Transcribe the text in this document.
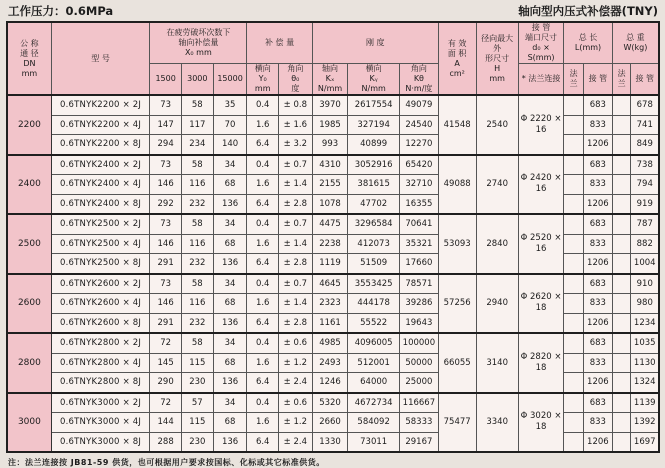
工作压力：0.6MPa	轴向型内压式补偿器(TNY)
公 称
通 径
DN
mm	型 号	在疲劳破坏次数下
轴向补偿量
X₀ mm			补 偿 量		刚 度			有 效
面 积
A
cm²	径向最大外
形尺寸
H
mm	接 管
端口尺寸
d₀ × S(mm)	总 长
L(mm)		总 重
W(kg)	
		1500	3000	15000	横向
Y₀
mm	角向
θ₀
度	轴向
Kₓ
N/mm	横向
Kᵧ
N/mm	角向
Kθ
N·m/度			* 法兰连接	法 兰	接 管	法 兰	接 管
2200	0.6TNYK2200 × 2J	73	58	35	0.4	± 0.8	3970	2617554	49079	41548	2540	Φ 2220 × 16		683		678
	0.6TNYK2200 × 4J	147	117	70	1.6	± 1.6	1985	327194	24540					833		741
	0.6TNYK2200 × 8J	294	234	140	6.4	± 3.2	993	40899	12270					1206		849
2400	0.6TNYK2400 × 2J	73	58	34	0.4	± 0.7	4310	3052916	65420	49088	2740	Φ 2420 × 16		683		738
	0.6TNYK2400 × 4J	146	116	68	1.6	± 1.4	2155	381615	32710					833		794
	0.6TNYK2400 × 8J	292	232	136	6.4	± 2.8	1078	47702	16355					1206		919
2500	0.6TNYK2500 × 2J	73	58	34	0.4	± 0.7	4475	3296584	70641	53093	2840	Φ 2520 × 16		683		787
	0.6TNYK2500 × 4J	146	116	68	1.6	± 1.4	2238	412073	35321					833		882
	0.6TNYK2500 × 8J	291	232	136	6.4	± 2.8	1119	51509	17660					1206		1004
2600	0.6TNYK2600 × 2J	73	58	34	0.4	± 0.7	4645	3553425	78571	57256	2940	Φ 2620 × 18		683		910
	0.6TNYK2600 × 4J	146	116	68	1.6	± 1.4	2323	444178	39286					833		980
	0.6TNYK2600 × 8J	291	232	136	6.4	± 2.8	1161	55522	19643					1206		1234
2800	0.6TNYK2800 × 2J	72	58	34	0.4	± 0.6	4985	4096005	100000	66055	3140	Φ 2820 × 18		683		1035
	0.6TNYK2800 × 4J	145	115	68	1.6	± 1.2	2493	512001	50000					833		1130
	0.6TNYK2800 × 8J	290	230	136	6.4	± 2.4	1246	64000	25000					1206		1324
3000	0.6TNYK3000 × 2J	72	57	34	0.4	± 0.6	5320	4672734	116667	75477	3340	Φ 3020 × 18		683		1139
	0.6TNYK3000 × 4J	144	115	68	1.6	± 1.2	2660	584092	58333					833		1392
	0.6TNYK3000 × 8J	288	230	136	6.4	± 2.4	1330	73011	29167					1206		1697
注：法兰连接按 JB81-59 供货，也可根据用户要求按国标、化标或其它标准供货。
